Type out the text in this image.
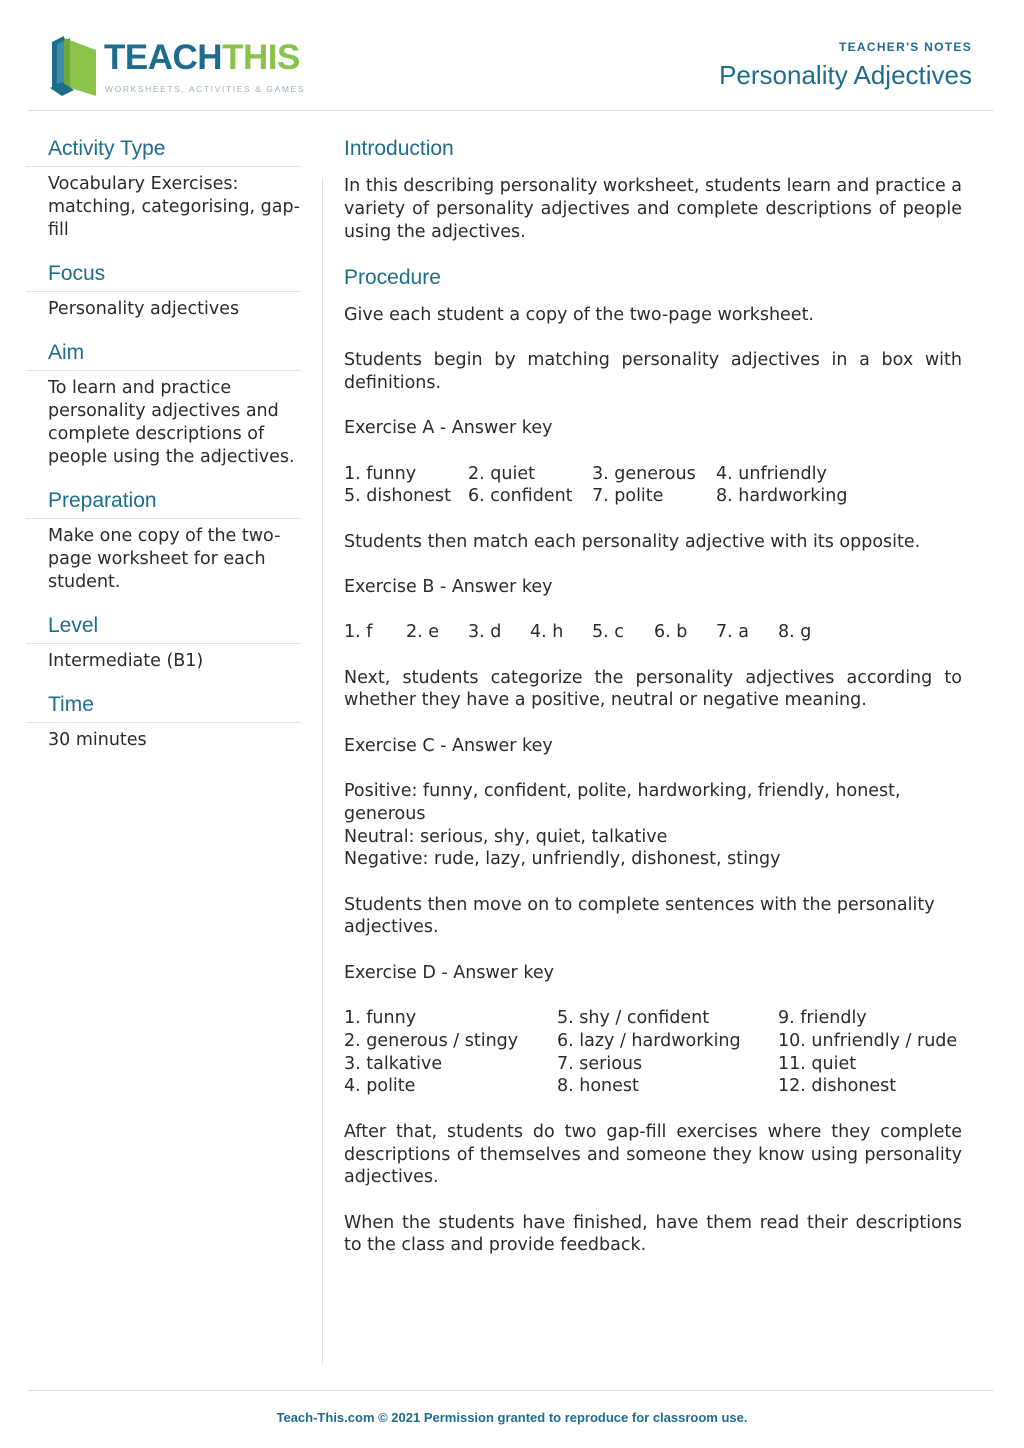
TEACHTHIS
WORKSHEETS, ACTIVITIES & GAMES
TEACHER'S NOTES
Personality Adjectives
Activity Type
Vocabulary Exercises: matching, categorising, gap-fill
Focus
Personality adjectives
Aim
To learn and practice personality adjectives and complete descriptions of people using the adjectives.
Preparation
Make one copy of the two-page worksheet for each student.
Level
Intermediate (B1)
Time
30 minutes
Introduction

In this describing personality worksheet, students learn and practice a variety of personality adjectives and complete descriptions of people using the adjectives.

Procedure

Give each student a copy of the two-page worksheet.

Students begin by matching personality adjectives in a box with definitions.

Exercise A - Answer key

1. funny	2. quiet	3. generous	4. unfriendly
5. dishonest 6. confident	7. polite	8. hardworking

Students then match each personality adjective with its opposite.

Exercise B - Answer key

1. f	2. e	3. d	4. h	5. c	6. b	7. a	8. g

Next, students categorize the personality adjectives according to whether they have a positive, neutral or negative meaning.

Exercise C - Answer key

Positive: funny, confident, polite, hardworking, friendly, honest, generous
Neutral: serious, shy, quiet, talkative
Negative: rude, lazy, unfriendly, dishonest, stingy

Students then move on to complete sentences with the personality adjectives.

Exercise D - Answer key

1. funny	5. shy / confident	9. friendly
2. generous / stingy	6. lazy / hardworking	10. unfriendly / rude
3. talkative	7. serious	11. quiet
4. polite	8. honest	12. dishonest

After that, students do two gap-fill exercises where they complete descriptions of themselves and someone they know using personality adjectives.

When the students have finished, have them read their descriptions to the class and provide feedback.

Teach-This.com © 2021 Permission granted to reproduce for classroom use.
